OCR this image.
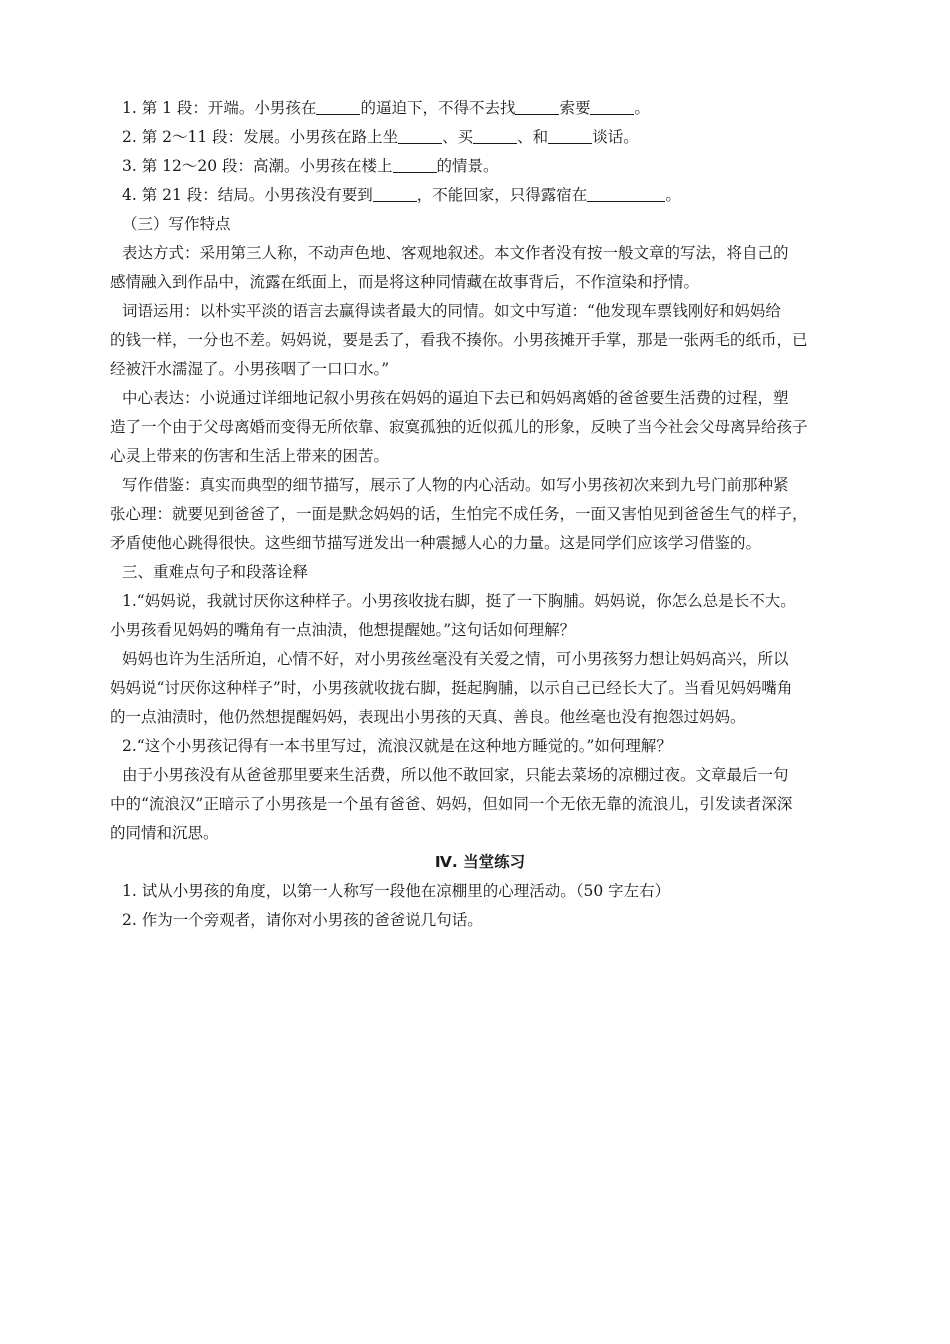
1. 第 1 段：开端。小男孩在	的逼迫下，不得不去找	索要	。
2. 第 2～11 段：发展。小男孩在路上坐	、买	、和	谈话。
3. 第 12～20 段：高潮。小男孩在楼上	的情景。
4. 第 21 段：结局。小男孩没有要到	，不能回家，只得露宿在	。
（三）写作特点
表达方式：采用第三人称，不动声色地、客观地叙述。本文作者没有按一般文章的写法，将自己的
感情融入到作品中，流露在纸面上，而是将这种同情藏在故事背后，不作渲染和抒情。
词语运用：以朴实平淡的语言去赢得读者最大的同情。如文中写道：“他发现车票钱刚好和妈妈给
的钱一样，一分也不差。妈妈说，要是丢了，看我不揍你。小男孩摊开手掌，那是一张两毛的纸币，已
经被汗水濡湿了。小男孩咽了一口口水。”
中心表达：小说通过详细地记叙小男孩在妈妈的逼迫下去已和妈妈离婚的爸爸要生活费的过程，塑
造了一个由于父母离婚而变得无所依靠、寂寞孤独的近似孤儿的形象，反映了当今社会父母离异给孩子
心灵上带来的伤害和生活上带来的困苦。
写作借鉴：真实而典型的细节描写，展示了人物的内心活动。如写小男孩初次来到九号门前那种紧
张心理：就要见到爸爸了，一面是默念妈妈的话，生怕完不成任务，一面又害怕见到爸爸生气的样子，
矛盾使他心跳得很快。这些细节描写迸发出一种震撼人心的力量。这是同学们应该学习借鉴的。
三、重难点句子和段落诠释
1.“妈妈说，我就讨厌你这种样子。小男孩收拢右脚，挺了一下胸脯。妈妈说，你怎么总是长不大。
小男孩看见妈妈的嘴角有一点油渍，他想提醒她。”这句话如何理解？
妈妈也许为生活所迫，心情不好，对小男孩丝毫没有关爱之情，可小男孩努力想让妈妈高兴，所以
妈妈说“讨厌你这种样子”时，小男孩就收拢右脚，挺起胸脯，以示自己已经长大了。当看见妈妈嘴角
的一点油渍时，他仍然想提醒妈妈，表现出小男孩的天真、善良。他丝毫也没有抱怨过妈妈。
2.“这个小男孩记得有一本书里写过，流浪汉就是在这种地方睡觉的。”如何理解？
由于小男孩没有从爸爸那里要来生活费，所以他不敢回家，只能去菜场的凉棚过夜。文章最后一句
中的“流浪汉”正暗示了小男孩是一个虽有爸爸、妈妈，但如同一个无依无靠的流浪儿，引发读者深深
的同情和沉思。
Ⅳ. 当堂练习
1. 试从小男孩的角度，以第一人称写一段他在凉棚里的心理活动。（50 字左右）
2. 作为一个旁观者，请你对小男孩的爸爸说几句话。
